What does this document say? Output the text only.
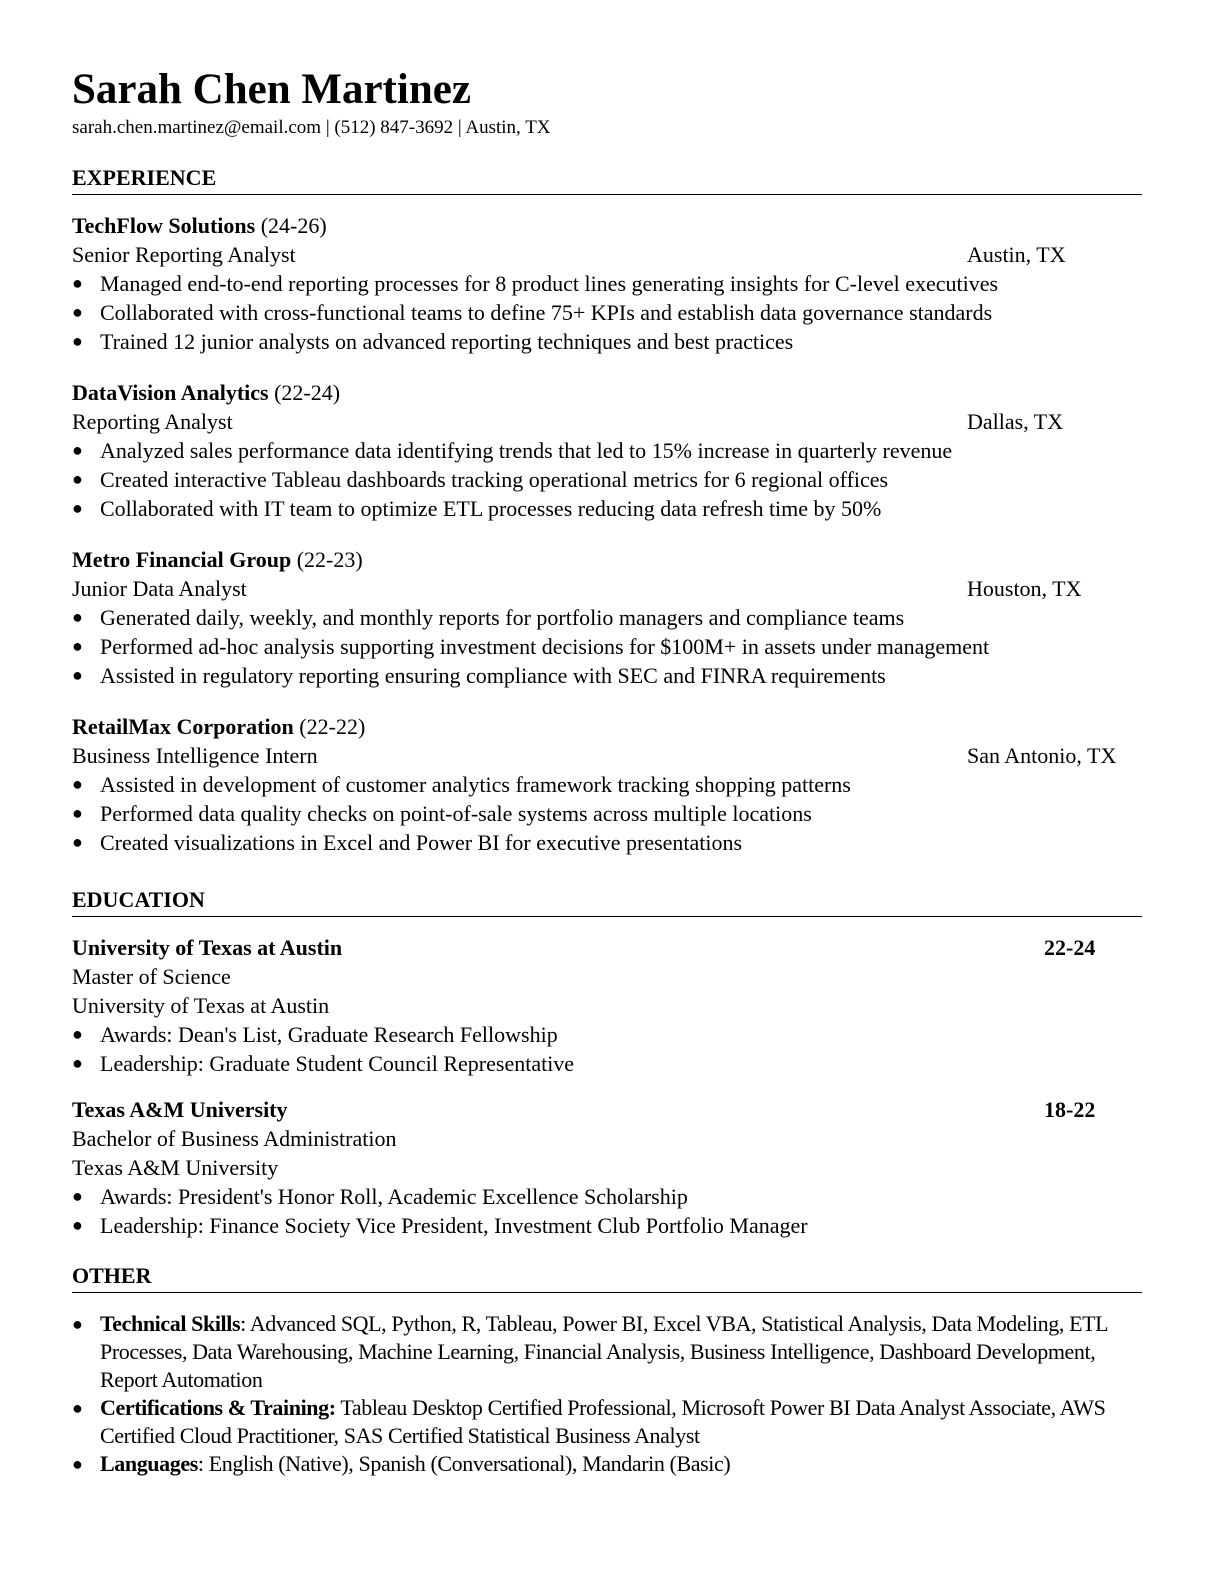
Sarah Chen Martinez
sarah.chen.martinez@email.com | (512) 847-3692 | Austin, TX
EXPERIENCE
TechFlow Solutions (24-26)
Senior Reporting Analyst	Austin, TX
● Managed end-to-end reporting processes for 8 product lines generating insights for C-level executives
● Collaborated with cross-functional teams to define 75+ KPIs and establish data governance standards
● Trained 12 junior analysts on advanced reporting techniques and best practices
DataVision Analytics (22-24)
Reporting Analyst	Dallas, TX
● Analyzed sales performance data identifying trends that led to 15% increase in quarterly revenue
● Created interactive Tableau dashboards tracking operational metrics for 6 regional offices
● Collaborated with IT team to optimize ETL processes reducing data refresh time by 50%
Metro Financial Group (22-23)
Junior Data Analyst	Houston, TX
● Generated daily, weekly, and monthly reports for portfolio managers and compliance teams
● Performed ad-hoc analysis supporting investment decisions for $100M+ in assets under management
● Assisted in regulatory reporting ensuring compliance with SEC and FINRA requirements
RetailMax Corporation (22-22)
Business Intelligence Intern	San Antonio, TX
● Assisted in development of customer analytics framework tracking shopping patterns
● Performed data quality checks on point-of-sale systems across multiple locations
● Created visualizations in Excel and Power BI for executive presentations
EDUCATION
University of Texas at Austin	22-24
Master of Science
University of Texas at Austin
● Awards: Dean's List, Graduate Research Fellowship
● Leadership: Graduate Student Council Representative
Texas A&M University	18-22
Bachelor of Business Administration
Texas A&M University
● Awards: President's Honor Roll, Academic Excellence Scholarship
● Leadership: Finance Society Vice President, Investment Club Portfolio Manager
OTHER
● Technical Skills: Advanced SQL, Python, R, Tableau, Power BI, Excel VBA, Statistical Analysis, Data Modeling, ETL Processes, Data Warehousing, Machine Learning, Financial Analysis, Business Intelligence, Dashboard Development, Report Automation
● Certifications & Training: Tableau Desktop Certified Professional, Microsoft Power BI Data Analyst Associate, AWS Certified Cloud Practitioner, SAS Certified Statistical Business Analyst
● Languages: English (Native), Spanish (Conversational), Mandarin (Basic)
